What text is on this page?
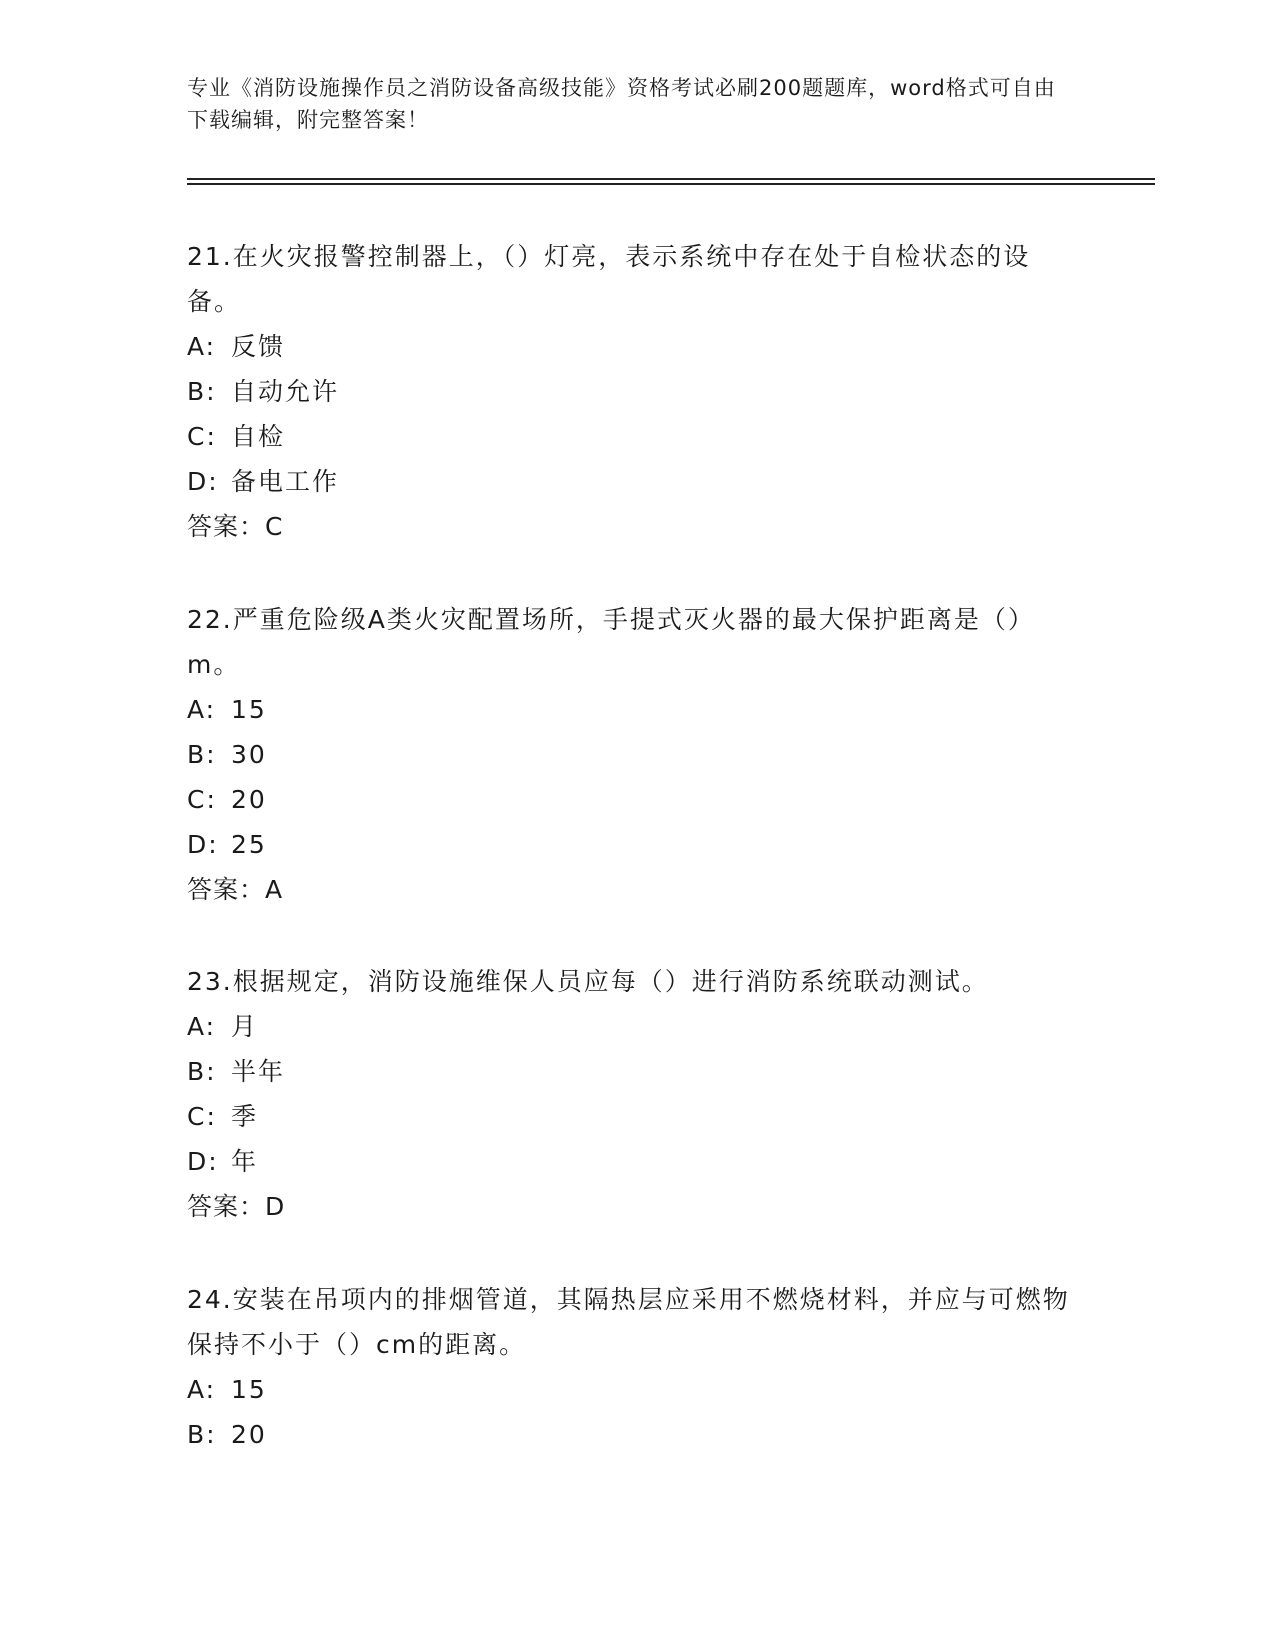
专业《消防设施操作员之消防设备高级技能》资格考试必刷200题题库，word格式可自由下载编辑，附完整答案！

21.在火灾报警控制器上，（）灯亮，表示系统中存在处于自检状态的设备。

A: 反馈

B: 自动允许

C: 自检

D: 备电工作

答案：C

22.严重危险级A类火灾配置场所，手提式灭火器的最大保护距离是（）m。

A: 15

B: 30

C: 20

D: 25

答案：A

23.根据规定，消防设施维保人员应每（）进行消防系统联动测试。

A: 月

B: 半年

C: 季

D: 年

答案：D

24.安装在吊项内的排烟管道，其隔热层应采用不燃烧材料，并应与可燃物保持不小于（）cm的距离。

A: 15

B: 20
